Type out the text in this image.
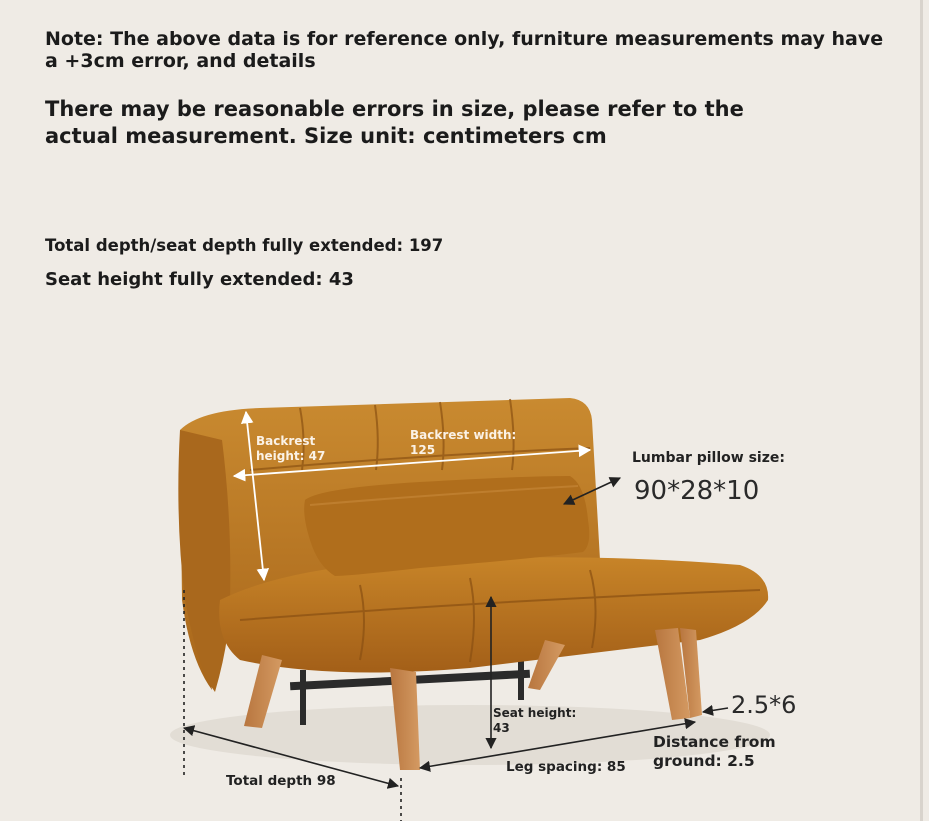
Note: The above data is for reference only, furniture measurements may have a +3cm error, and details
There may be reasonable errors in size, please refer to the actual measurement. Size unit: centimeters cm
Total depth/seat depth fully extended: 197
Seat height fully extended: 43
Backrest height: 47
Backrest width: 125	Lumbar pillow size:
90*28*10
Seat height: 43
Distance from ground: 2.5
2.5*6
Leg spacing: 85
Total depth 98
